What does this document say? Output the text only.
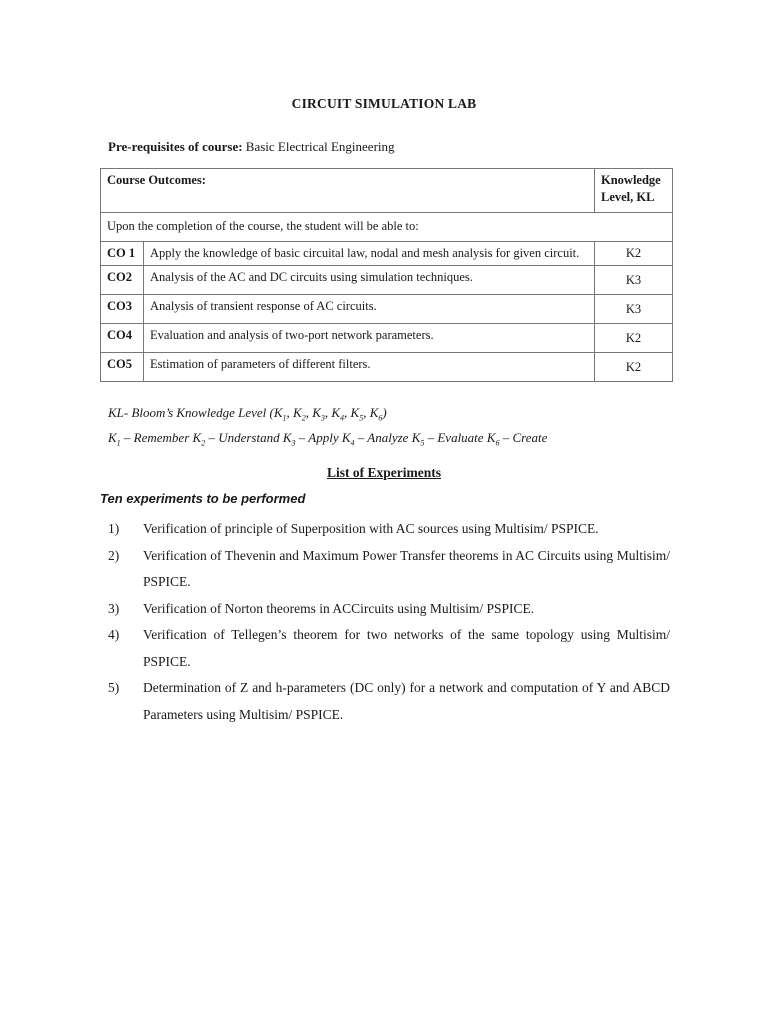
CIRCUIT SIMULATION LAB
Pre-requisites of course: Basic Electrical Engineering
Course Outcomes:		Knowledge Level, KL
Upon the completion of the course, the student will be able to:		
CO 1	Apply the knowledge of basic circuital law, nodal and mesh analysis for given circuit.	K2
CO2	Analysis of the AC and DC circuits using simulation techniques.	K3
CO3	Analysis of transient response of AC circuits.	K3
CO4	Evaluation and analysis of two-port network parameters.	K2
CO5	Estimation of parameters of different filters.	K2
KL- Bloom’s Knowledge Level ($K_1$, $K_2$, $K_3$, $K_4$, $K_5$, $K_6$)
$K_1$ – Remember $K_2$ – Understand $K_3$ – Apply $K_4$ – Analyze $K_5$ – Evaluate $K_6$ – Create
List of Experiments
Ten experiments to be performed
1)	Verification of principle of Superposition with AC sources using Multisim/ PSPICE.
2)	Verification of Thevenin and Maximum Power Transfer theorems in AC Circuits using Multisim/ PSPICE.
3)	Verification of Norton theorems in ACCircuits using Multisim/ PSPICE.
4)	Verification of Tellegen’s theorem for two networks of the same topology using Multisim/ PSPICE.
5)	Determination of Z and h-parameters (DC only) for a network and computation of Y and ABCD Parameters using Multisim/ PSPICE.
